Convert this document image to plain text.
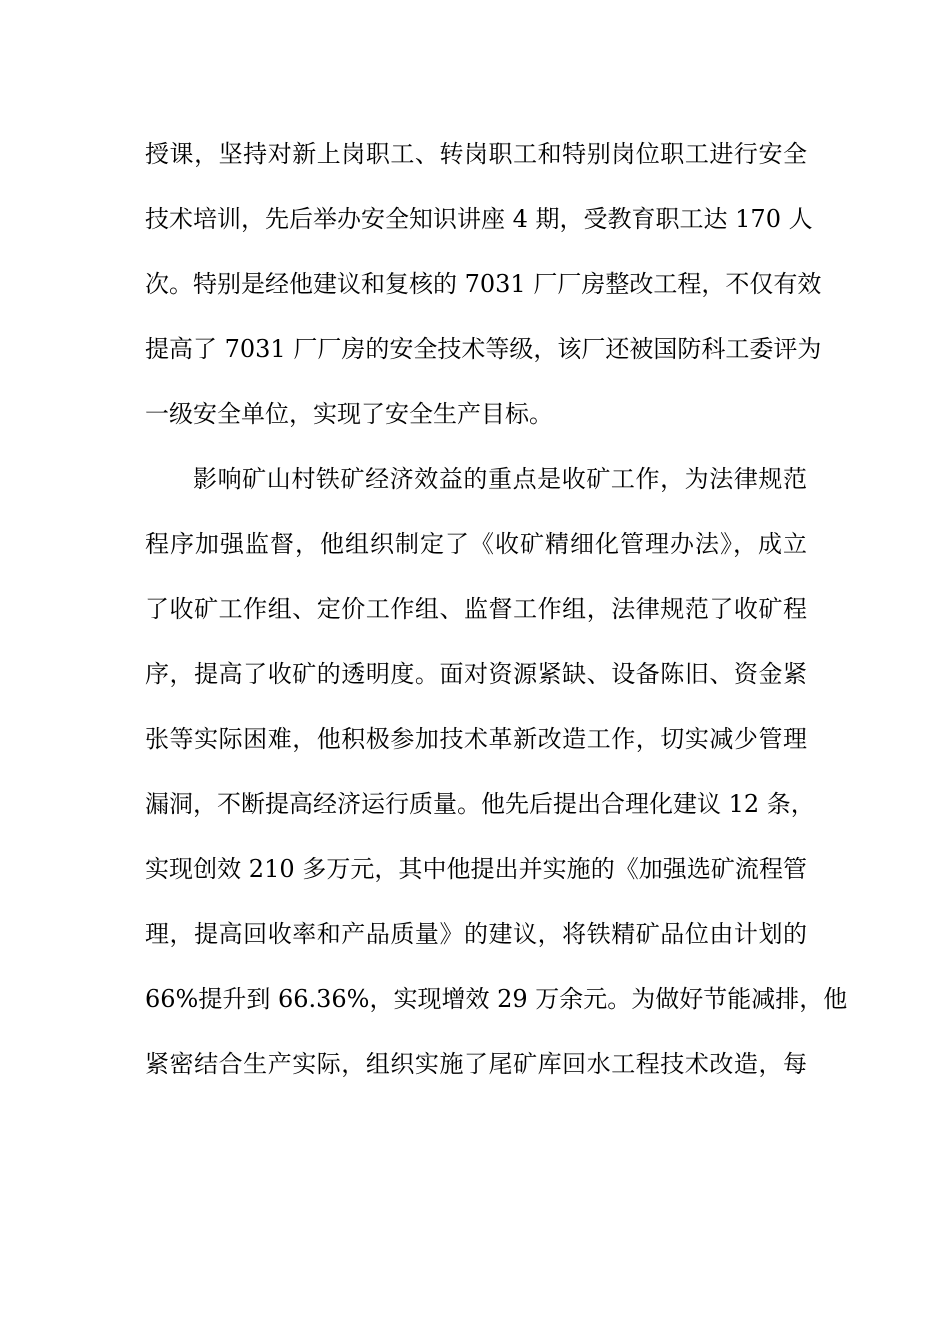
授课，坚持对新上岗职工、转岗职工和特别岗位职工进行安全
技术培训，先后举办安全知识讲座 4 期，受教育职工达 170 人
次。特别是经他建议和复核的 7031 厂厂房整改工程，不仅有效
提高了 7031 厂厂房的安全技术等级，该厂还被国防科工委评为
一级安全单位，实现了安全生产目标。
影响矿山村铁矿经济效益的重点是收矿工作，为法律规范
程序加强监督，他组织制定了《收矿精细化管理办法》，成立
了收矿工作组、定价工作组、监督工作组，法律规范了收矿程
序，提高了收矿的透明度。面对资源紧缺、设备陈旧、资金紧
张等实际困难，他积极参加技术革新改造工作，切实减少管理
漏洞，不断提高经济运行质量。他先后提出合理化建议 12 条，
实现创效 210 多万元，其中他提出并实施的《加强选矿流程管
理，提高回收率和产品质量》的建议，将铁精矿品位由计划的
66%提升到 66.36%，实现增效 29 万余元。为做好节能减排，他
紧密结合生产实际，组织实施了尾矿库回水工程技术改造，每
